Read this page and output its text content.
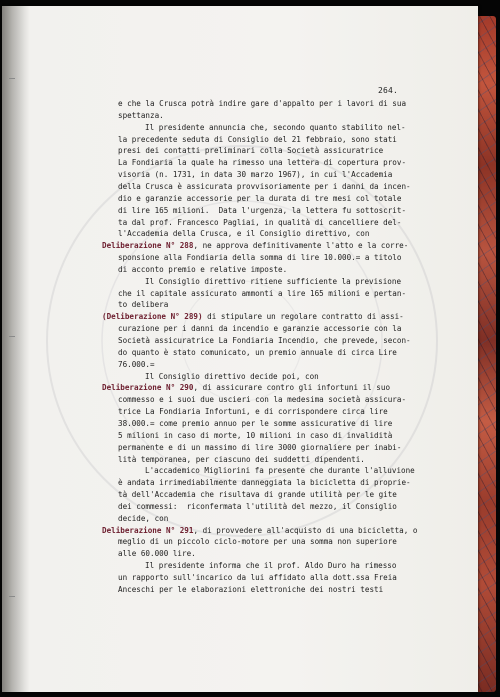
264.
e che la Crusca potrà indire gare d'appalto per i lavori di sua
spettanza.
Il presidente annuncia che, secondo quanto stabilito nel-
la precedente seduta di Consiglio del 21 febbraio, sono stati
presi dei contatti preliminari colla Società assicuratrice
La Fondiaria la quale ha rimesso una lettera di copertura prov-
visoria (n. 1731, in data 30 marzo 1967), in cui l'Accademia
della Crusca è assicurata provvisoriamente per i danni da incen-
dio e garanzie accessorie per la durata di tre mesi col totale
di lire 165 milioni.  Data l'urgenza, la lettera fu sottoscrit-
ta dal prof. Francesco Pagliai, in qualità di cancelliere del-
l'Accademia della Crusca, e il Consiglio direttivo, con
Deliberazione N° 288, ne approva definitivamente l'atto e la corre-
sponsione alla Fondiaria della somma di lire 10.000.= a titolo
di acconto premio e relative imposte.
Il Consiglio direttivo ritiene sufficiente la previsione
che il capitale assicurato ammonti a lire 165 milioni e pertan-
to delibera
(Deliberazione N° 289) di stipulare un regolare contratto di assi-
curazione per i danni da incendio e garanzie accessorie con la
Società assicuratrice La Fondiaria Incendio, che prevede, secon-
do quanto è stato comunicato, un premio annuale di circa Lire
76.000.=
Il Consiglio direttivo decide poi, con
Deliberazione N° 290, di assicurare contro gli infortuni il suo
commesso e i suoi due uscieri con la medesima società assicura-
trice La Fondiaria Infortuni, e di corrispondere circa lire
38.000.= come premio annuo per le somme assicurative di lire
5 milioni in caso di morte, 10 milioni in caso di invalidità
permanente e di un massimo di lire 3000 giornaliere per inabi-
lità temporanea, per ciascuno dei suddetti dipendenti.
L'accademico Migliorini fa presente che durante l'alluvione
è andata irrimediabilmente danneggiata la bicicletta di proprie-
tà dell'Accademia che risultava di grande utilità per le gite
dei commessi:  riconfermata l'utilità del mezzo, il Consiglio
decide, con
Deliberazione N° 291, di provvedere all'acquisto di una bicicletta, o
meglio di un piccolo ciclo-motore per una somma non superiore
alle 60.000 lire.
Il presidente informa che il prof. Aldo Duro ha rimesso
un rapporto sull'incarico da lui affidato alla dott.ssa Freia
Anceschi per le elaborazioni elettroniche dei nostri testi
